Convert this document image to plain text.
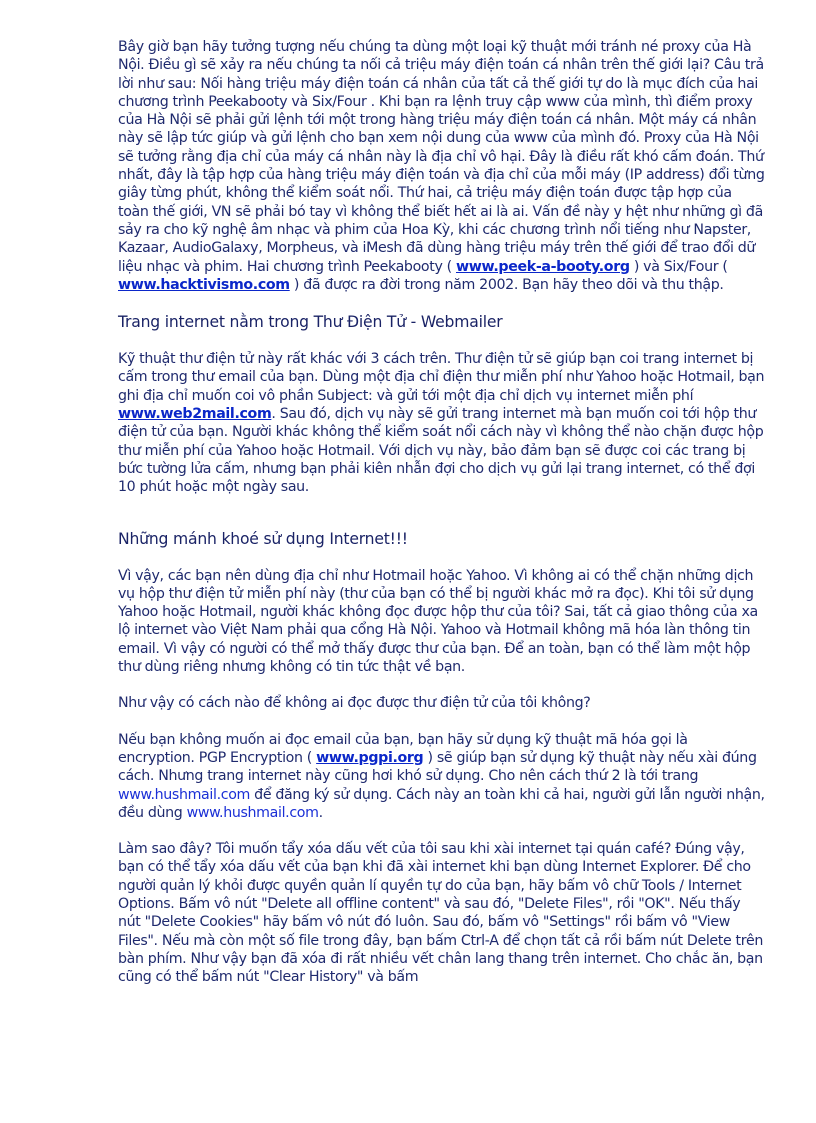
Bây giờ bạn hãy tưởng tượng nếu chúng ta dùng một loại kỹ thuật mới tránh né proxy của Hà Nội. Điều gì sẽ xảy ra nếu chúng ta nối cả triệu máy điện toán cá nhân trên thế giới lại? Câu trả lời như sau: Nối hàng triệu máy điện toán cá nhân của tất cả thế giới tự do là mục đích của hai chương trình Peekabooty và Six/Four . Khi bạn ra lệnh truy cập www của mình, thì điểm proxy của Hà Nội sẽ phải gửi lệnh tới một trong hàng triệu máy điện toán cá nhân. Một máy cá nhân này sẽ lập tức giúp và gửi lệnh cho bạn xem nội dung của www của mình đó. Proxy của Hà Nội sẽ tưởng rằng địa chỉ của máy cá nhân này là địa chỉ vô hại. Đây là điều rất khó cấm đoán. Thứ nhất, đây là tập hợp của hàng triệu máy điện toán và địa chỉ của mỗi máy (IP address) đổi từng giây từng phút, không thể kiểm soát nổi. Thứ hai, cả triệu máy điện toán được tập hợp của toàn thế giới, VN sẽ phải bó tay vì không thể biết hết ai là ai. Vấn đề này y hệt như những gì đã sảy ra cho kỹ nghệ âm nhạc và phim của Hoa Kỳ, khi các chương trình nổi tiếng như Napster, Kazaar, AudioGalaxy, Morpheus, và iMesh đã dùng hàng triệu máy trên thế giới để trao đổi dữ liệu nhạc và phim. Hai chương trình Peekabooty ( www.peek-a-booty.org ) và Six/Four ( www.hacktivismo.com ) đã được ra đời trong năm 2002. Bạn hãy theo dõi và thu thập.

Trang internet nằm trong Thư Điện Tử - Webmailer

Kỹ thuật thư điện tử này rất khác với 3 cách trên. Thư điện tử sẽ giúp bạn coi trang internet bị cấm trong thư email của bạn. Dùng một địa chỉ điện thư miễn phí như Yahoo hoặc Hotmail, bạn ghi địa chỉ muốn coi vô phần Subject: và gửi tới một địa chỉ dịch vụ internet miễn phí www.web2mail.com. Sau đó, dịch vụ này sẽ gửi trang internet mà bạn muốn coi tới hộp thư điện tử của bạn. Người khác không thể kiểm soát nổi cách này vì không thể nào chặn được hộp thư miễn phí của Yahoo hoặc Hotmail. Với dịch vụ này, bảo đảm bạn sẽ được coi các trang bị bức tường lửa cấm, nhưng bạn phải kiên nhẫn đợi cho dịch vụ gửi lại trang internet, có thể đợi 10 phút hoặc một ngày sau.

Những mánh khoé sử dụng Internet!!!

Vì vậy, các bạn nên dùng địa chỉ như Hotmail hoặc Yahoo. Vì không ai có thể chặn những dịch vụ hộp thư điện tử miễn phí này (thư của bạn có thể bị người khác mở ra đọc). Khi tôi sử dụng Yahoo hoặc Hotmail, người khác không đọc được hộp thư của tôi? Sai, tất cả giao thông của xa lộ internet vào Việt Nam phải qua cổng Hà Nội. Yahoo và Hotmail không mã hóa làn thông tin email. Vì vậy có người có thể mở thấy được thư của bạn. Để an toàn, bạn có thể làm một hộp thư dùng riêng nhưng không có tin tức thật về bạn.

Như vậy có cách nào để không ai đọc được thư điện tử của tôi không?

Nếu bạn không muốn ai đọc email của bạn, bạn hãy sử dụng kỹ thuật mã hóa gọi là encryption. PGP Encryption ( www.pgpi.org ) sẽ giúp bạn sử dụng kỹ thuật này nếu xài đúng cách. Nhưng trang internet này cũng hơi khó sử dụng. Cho nên cách thứ 2 là tới trang www.hushmail.com để đăng ký sử dụng. Cách này an toàn khi cả hai, người gửi lẫn người nhận, đều dùng www.hushmail.com.

Làm sao đây? Tôi muốn tẩy xóa dấu vết của tôi sau khi xài internet tại quán café? Đúng vậy, bạn có thể tẩy xóa dấu vết của bạn khi đã xài internet khi bạn dùng Internet Explorer. Để cho người quản lý khỏi được quyền quản lí quyền tự do của bạn, hãy bấm vô chữ Tools / Internet Options. Bấm vô nút "Delete all offline content" và sau đó, "Delete Files", rồi "OK". Nếu thấy nút "Delete Cookies" hãy bấm vô nút đó luôn. Sau đó, bấm vô "Settings" rồi bấm vô "View Files". Nếu mà còn một số file trong đây, bạn bấm Ctrl-A để chọn tất cả rồi bấm nút Delete trên bàn phím. Như vậy bạn đã xóa đi rất nhiều vết chân lang thang trên internet. Cho chắc ăn, bạn cũng có thể bấm nút "Clear History" và bấm
